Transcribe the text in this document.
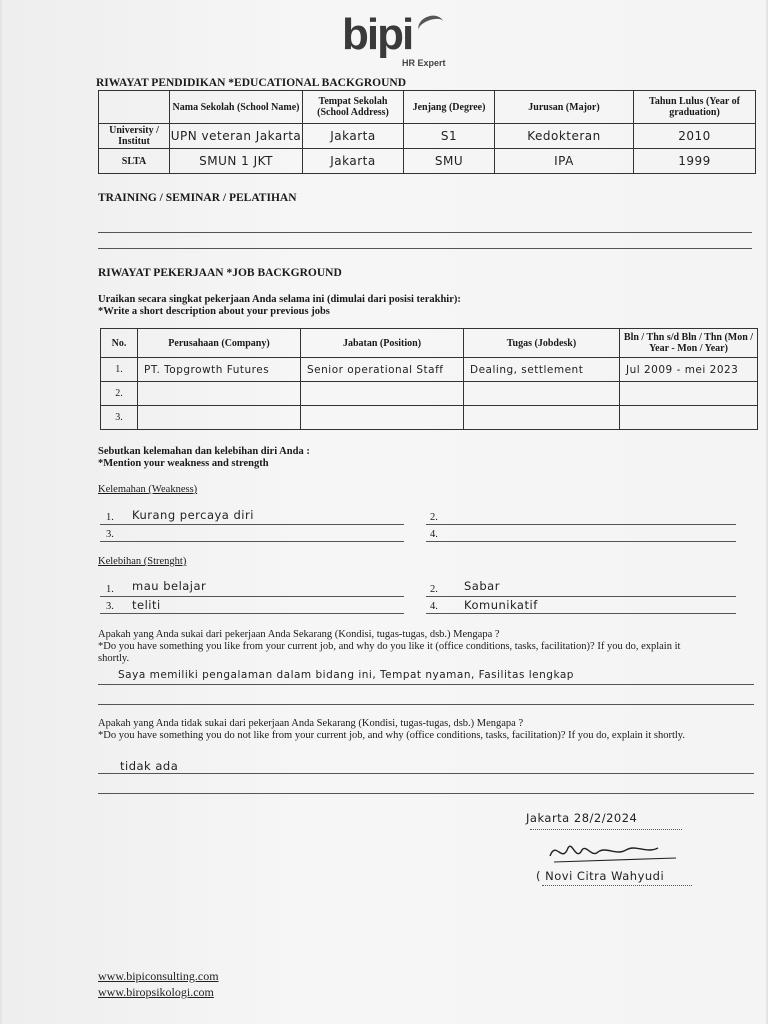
bipi
HR Expert
RIWAYAT PENDIDIKAN *EDUCATIONAL BACKGROUND
	Nama Sekolah (School Name)	Tempat Sekolah (School Address)	Jenjang (Degree)	Jurusan (Major)	Tahun Lulus (Year of graduation)
University / Institut	UPN veteran Jakarta	Jakarta	S1	Kedokteran	2010
SLTA	SMUN 1 JKT	Jakarta	SMU	IPA	1999
TRAINING / SEMINAR / PELATIHAN
RIWAYAT PEKERJAAN *JOB BACKGROUND
Uraikan secara singkat pekerjaan Anda selama ini (dimulai dari posisi terakhir):
*Write a short description about your previous jobs
No.	Perusahaan (Company)	Jabatan (Position)	Tugas (Jobdesk)	Bln / Thn s/d Bln / Thn (Mon / Year - Mon / Year)
1.	PT. Topgrowth Futures	Senior operational Staff	Dealing, settlement	Jul 2009 - mei 2023
2.				
3.				
Sebutkan kelemahan dan kelebihan diri Anda :
*Mention your weakness and strength
Kelemahan (Weakness)
1. Kurang percaya diri	2.
3.	4.
Kelebihan (Strenght)
1. mau belajar	2. Sabar
3. teliti	4. Komunikatif
Apakah yang Anda sukai dari pekerjaan Anda Sekarang (Kondisi, tugas-tugas, dsb.) Mengapa ?
*Do you have something you like from your current job, and why do you like it (office conditions, tasks, facilitation)? If you do, explain it shortly.
Saya memiliki pengalaman dalam bidang ini, Tempat nyaman, Fasilitas lengkap
Apakah yang Anda tidak sukai dari pekerjaan Anda Sekarang (Kondisi, tugas-tugas, dsb.) Mengapa ?
*Do you have something you do not like from your current job, and why (office conditions, tasks, facilitation)? If you do, explain it shortly.
tidak ada
Jakarta 28/2/2024
( Novi Citra Wahyudi
www.bipiconsulting.com
www.biropsikologi.com
